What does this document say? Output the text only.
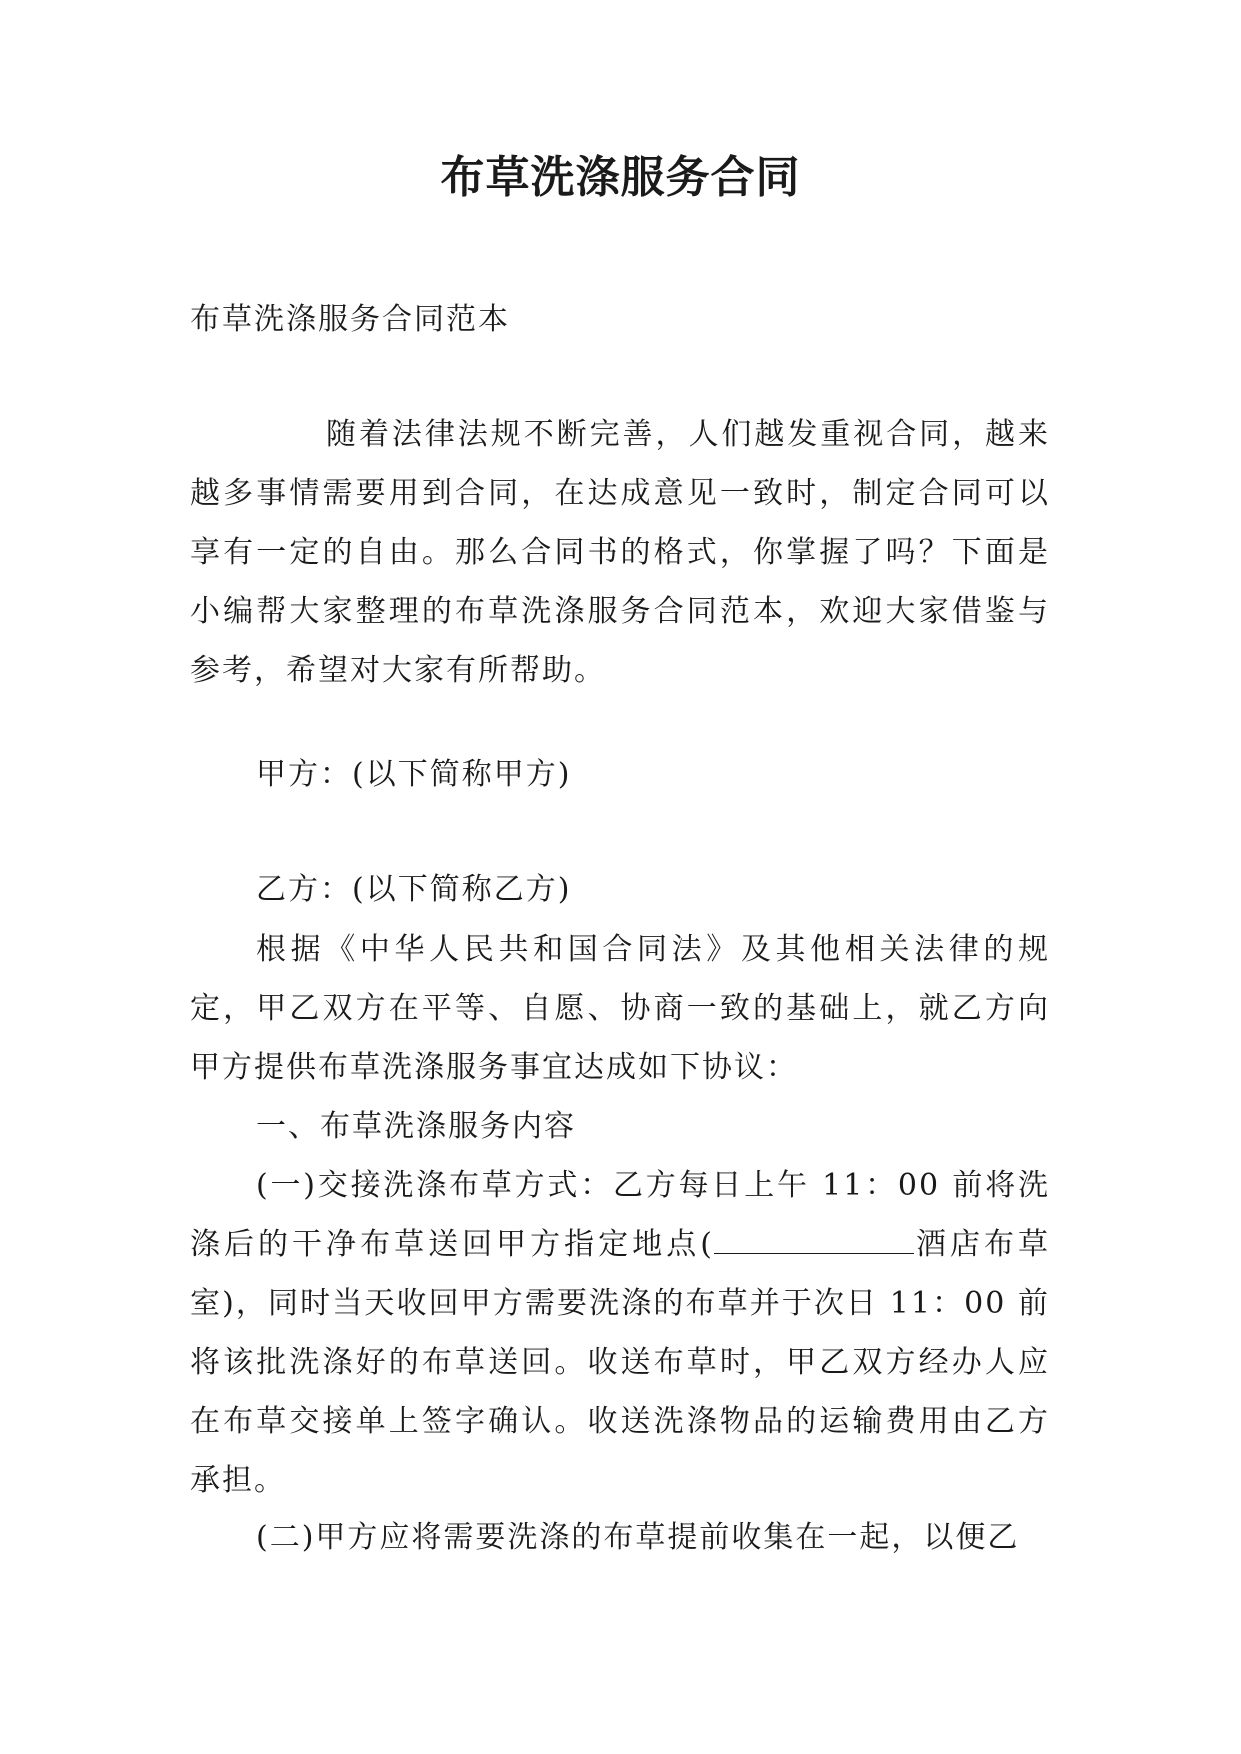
布草洗涤服务合同

布草洗涤服务合同范本

随着法律法规不断完善，人们越发重视合同，越来越多事情需要用到合同，在达成意见一致时，制定合同可以享有一定的自由。那么合同书的格式，你掌握了吗？下面是小编帮大家整理的布草洗涤服务合同范本，欢迎大家借鉴与参考，希望对大家有所帮助。

甲方：(以下简称甲方)

乙方：(以下简称乙方)

根据《中华人民共和国合同法》及其他相关法律的规定，甲乙双方在平等、自愿、协商一致的基础上，就乙方向甲方提供布草洗涤服务事宜达成如下协议：

一、布草洗涤服务内容

(一)交接洗涤布草方式：乙方每日上午 11：00 前将洗涤后的干净布草送回甲方指定地点(	酒店布草室)，同时当天收回甲方需要洗涤的布草并于次日 11：00 前将该批洗涤好的布草送回。收送布草时，甲乙双方经办人应在布草交接单上签字确认。收送洗涤物品的运输费用由乙方承担。

(二)甲方应将需要洗涤的布草提前收集在一起，以便乙
